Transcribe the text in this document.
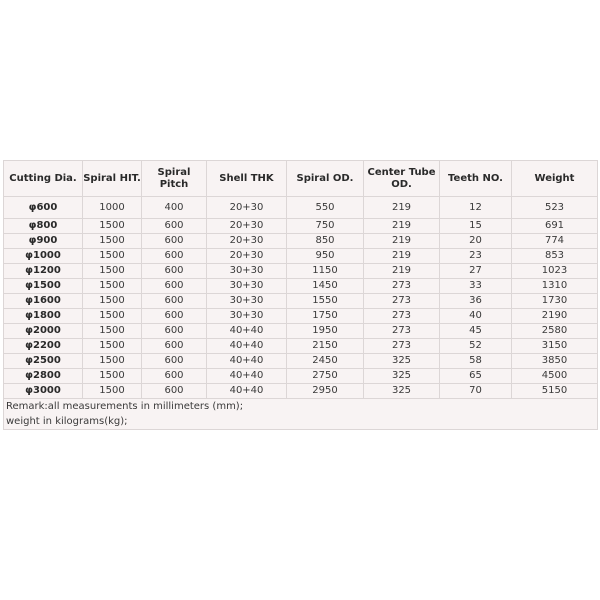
Cutting Dia.	Spiral HIT.	Spiral Pitch	Shell THK	Spiral OD.	Center Tube OD.	Teeth NO.	Weight
φ600	1000	400	20+30	550	219	12	523
φ800	1500	600	20+30	750	219	15	691
φ900	1500	600	20+30	850	219	20	774
φ1000	1500	600	20+30	950	219	23	853
φ1200	1500	600	30+30	1150	219	27	1023
φ1500	1500	600	30+30	1450	273	33	1310
φ1600	1500	600	30+30	1550	273	36	1730
φ1800	1500	600	30+30	1750	273	40	2190
φ2000	1500	600	40+40	1950	273	45	2580
φ2200	1500	600	40+40	2150	273	52	3150
φ2500	1500	600	40+40	2450	325	58	3850
φ2800	1500	600	40+40	2750	325	65	4500
φ3000	1500	600	40+40	2950	325	70	5150
Remark:all measurements in millimeters (mm);							
weight in kilograms(kg);							
